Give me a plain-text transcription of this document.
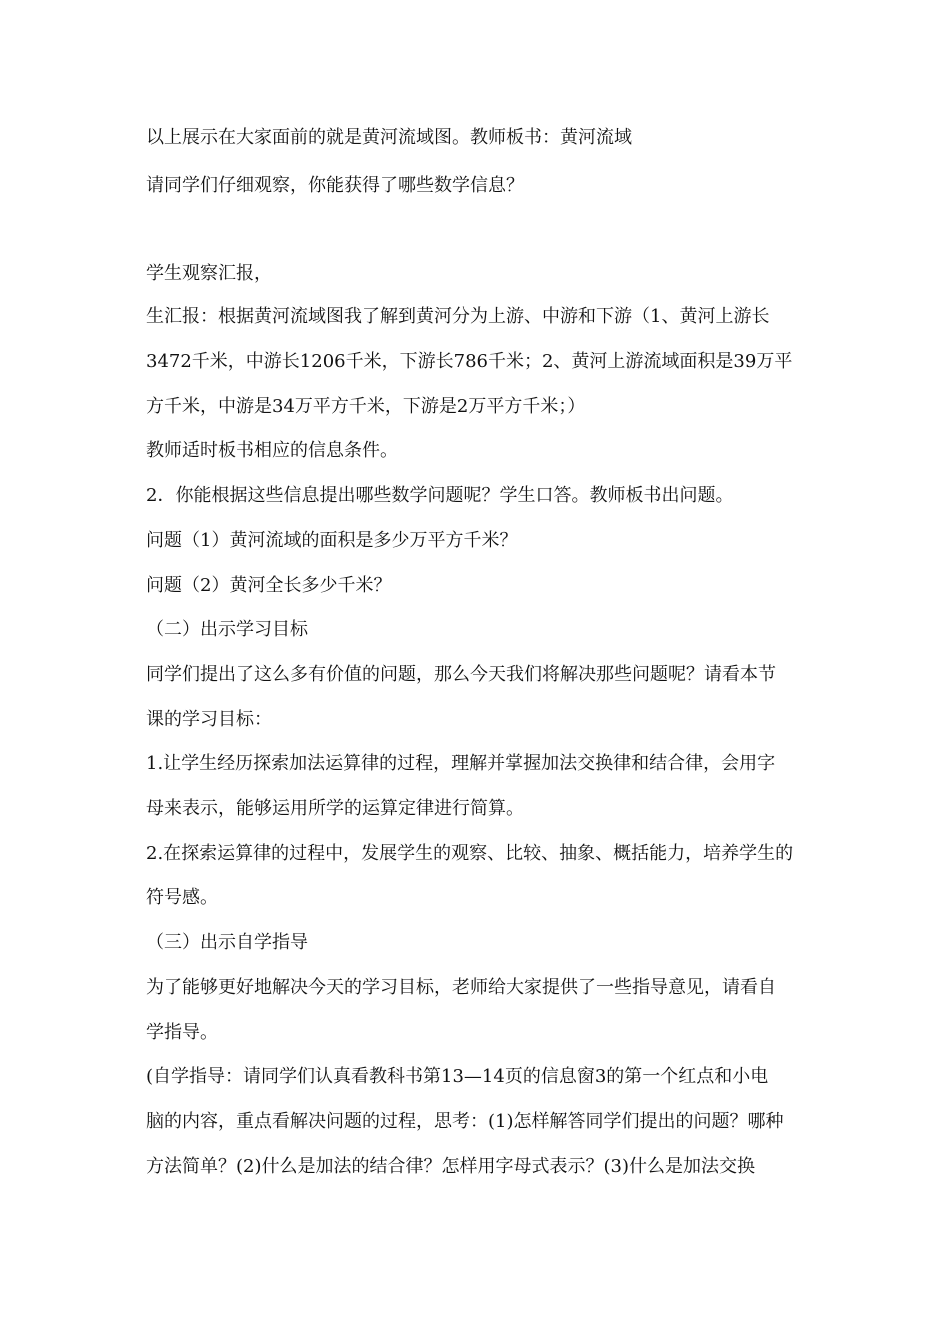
以上展示在大家面前的就是黄河流域图。教师板书：黄河流域
请同学们仔细观察，你能获得了哪些数学信息？
学生观察汇报，
生汇报：根据黄河流域图我了解到黄河分为上游、中游和下游（1、黄河上游长
3472千米，中游长1206千米，下游长786千米；2、黄河上游流域面积是39万平
方千米，中游是34万平方千米，下游是2万平方千米；）
教师适时板书相应的信息条件。
2．你能根据这些信息提出哪些数学问题呢？学生口答。教师板书出问题。
问题（1）黄河流域的面积是多少万平方千米？
问题（2）黄河全长多少千米？
（二）出示学习目标
同学们提出了这么多有价值的问题，那么今天我们将解决那些问题呢？请看本节
课的学习目标：
1.让学生经历探索加法运算律的过程，理解并掌握加法交换律和结合律，会用字
母来表示，能够运用所学的运算定律进行简算。
2.在探索运算律的过程中，发展学生的观察、比较、抽象、概括能力，培养学生的
符号感。
（三）出示自学指导
为了能够更好地解决今天的学习目标，老师给大家提供了一些指导意见，请看自
学指导。
(自学指导：请同学们认真看教科书第13—14页的信息窗3的第一个红点和小电
脑的内容，重点看解决问题的过程，思考：(1)怎样解答同学们提出的问题？哪种
方法简单？(2)什么是加法的结合律？怎样用字母式表示？(3)什么是加法交换
